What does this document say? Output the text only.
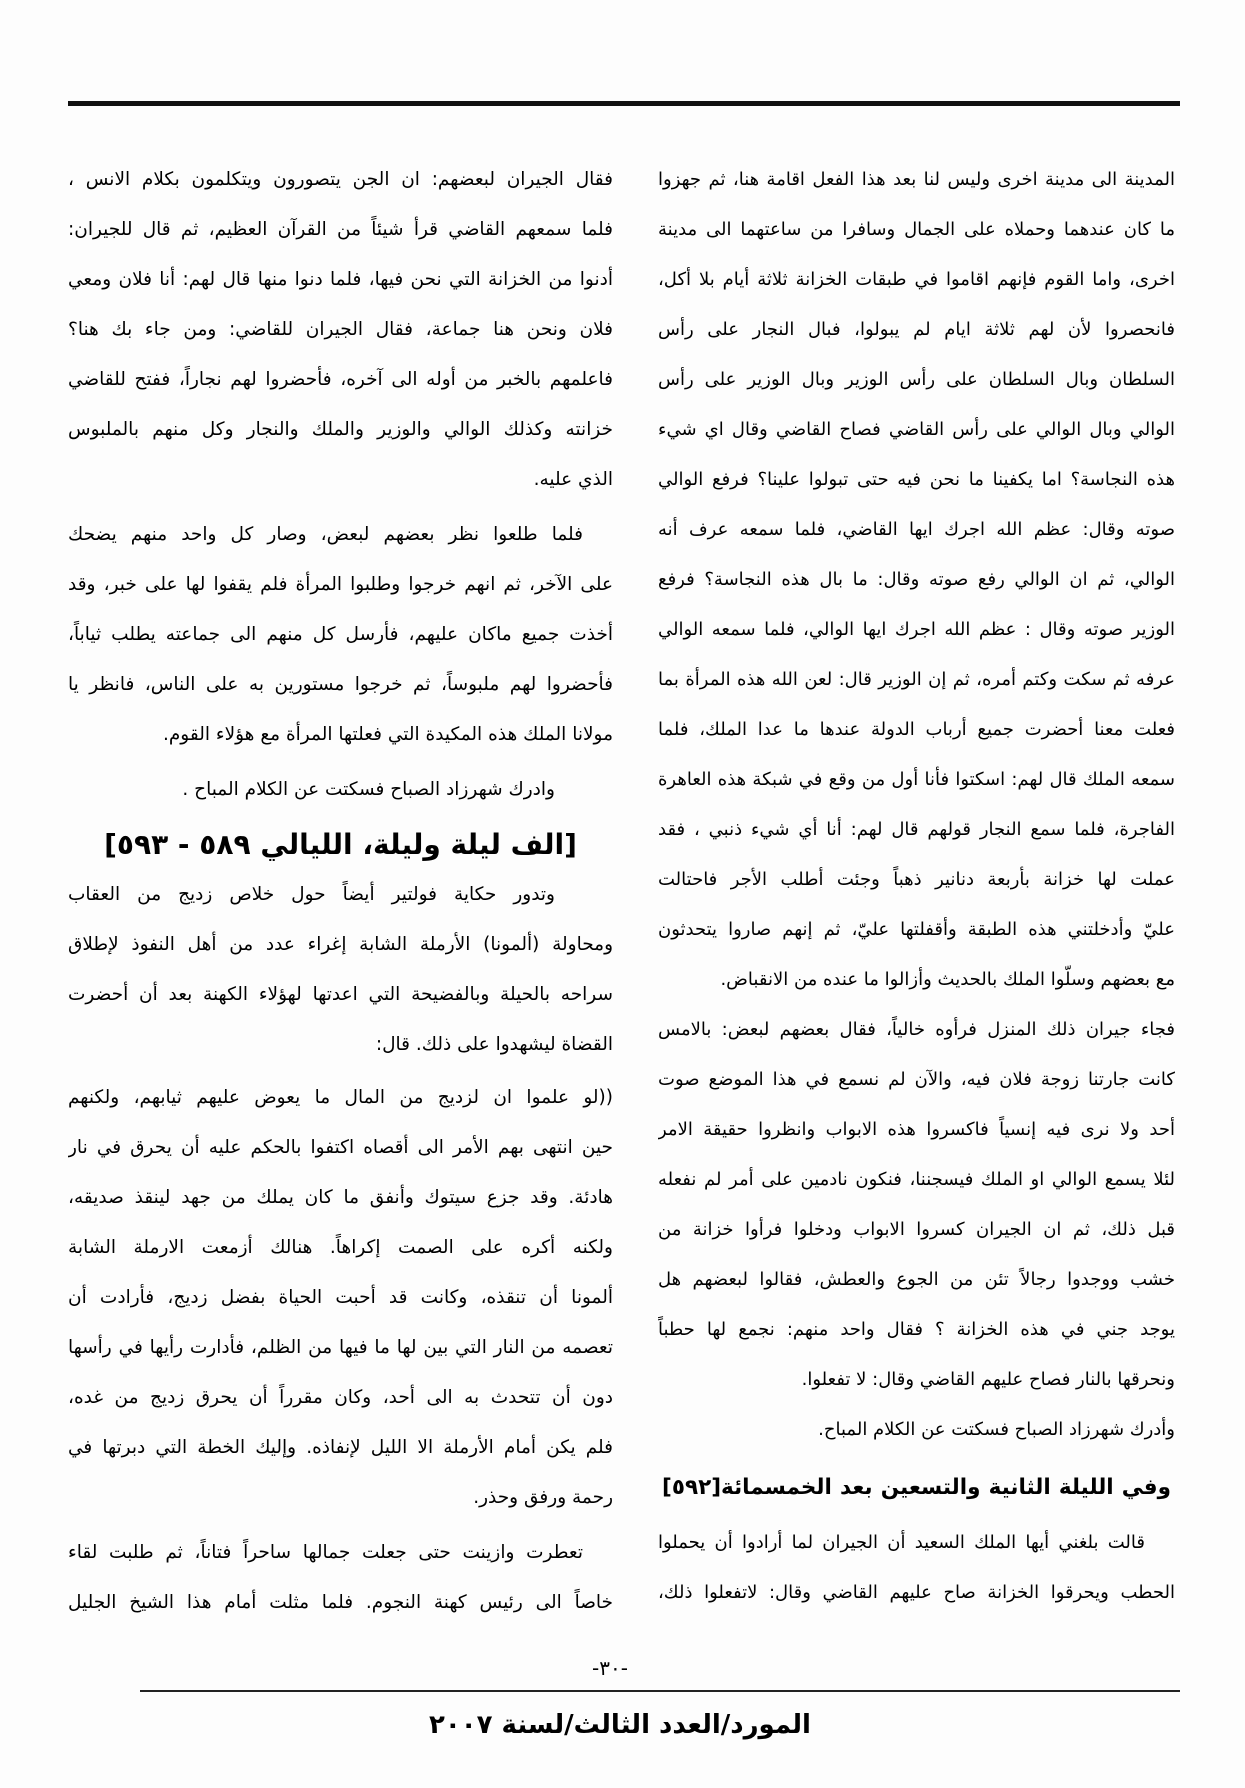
المدينة الى مدينة اخرى وليس لنا بعد هذا الفعل اقامة هنا، ثم جهزوا
ما كان عندهما وحملاه على الجمال وسافرا من ساعتهما الى مدينة
اخرى، واما القوم فإنهم اقاموا في طبقات الخزانة ثلاثة أيام بلا أكل،
فانحصروا لأن لهم ثلاثة ايام لم يبولوا، فبال النجار على رأس
السلطان وبال السلطان على رأس الوزير وبال الوزير على رأس
الوالي وبال الوالي على رأس القاضي فصاح القاضي وقال اي شيء
هذه النجاسة؟ اما يكفينا ما نحن فيه حتى تبولوا علينا؟ فرفع الوالي
صوته وقال: عظم الله اجرك ايها القاضي، فلما سمعه عرف أنه
الوالي، ثم ان الوالي رفع صوته وقال: ما بال هذه النجاسة؟ فرفع
الوزير صوته وقال : عظم الله اجرك ايها الوالي، فلما سمعه الوالي
عرفه ثم سكت وكتم أمره، ثم إن الوزير قال: لعن الله هذه المرأة بما
فعلت معنا أحضرت جميع أرباب الدولة عندها ما عدا الملك، فلما
سمعه الملك قال لهم: اسكتوا فأنا أول من وقع في شبكة هذه العاهرة
الفاجرة، فلما سمع النجار قولهم قال لهم: أنا أي شيء ذنبي ، فقد
عملت لها خزانة بأربعة دنانير ذهباً وجئت أطلب الأجر فاحتالت
عليّ وأدخلتني هذه الطبقة وأقفلتها عليّ، ثم إنهم صاروا يتحدثون
مع بعضهم وسلّوا الملك بالحديث وأزالوا ما عنده من الانقباض.
فجاء جيران ذلك المنزل فرأوه خالياً، فقال بعضهم لبعض: بالامس
كانت جارتنا زوجة فلان فيه، والآن لم نسمع في هذا الموضع صوت
أحد ولا نرى فيه إنسياً فاكسروا هذه الابواب وانظروا حقيقة الامر
لئلا يسمع الوالي او الملك فيسجننا، فنكون نادمين على أمر لم نفعله
قبل ذلك، ثم ان الجيران كسروا الابواب ودخلوا فرأوا خزانة من
خشب ووجدوا رجالاً تئن من الجوع والعطش، فقالوا لبعضهم هل
يوجد جني في هذه الخزانة ؟ فقال واحد منهم: نجمع لها حطباً
ونحرقها بالنار فصاح عليهم القاضي وقال: لا تفعلوا.
وأدرك شهرزاد الصباح فسكتت عن الكلام المباح.
وفي الليلة الثانية والتسعين بعد الخمسمائة[٥٩٢]
قالت بلغني أيها الملك السعيد أن الجيران لما أرادوا أن يحملوا
الحطب ويحرقوا الخزانة صاح عليهم القاضي وقال: لاتفعلوا ذلك،
فقال الجيران لبعضهم: ان الجن يتصورون ويتكلمون بكلام الانس ،
فلما سمعهم القاضي قرأ شيئاً من القرآن العظيم، ثم قال للجيران:
أدنوا من الخزانة التي نحن فيها، فلما دنوا منها قال لهم: أنا فلان ومعي
فلان ونحن هنا جماعة، فقال الجيران للقاضي: ومن جاء بك هنا؟
فاعلمهم بالخبر من أوله الى آخره، فأحضروا لهم نجاراً، ففتح للقاضي
خزانته وكذلك الوالي والوزير والملك والنجار وكل منهم بالملبوس
الذي عليه.
فلما طلعوا نظر بعضهم لبعض، وصار كل واحد منهم يضحك
على الآخر، ثم انهم خرجوا وطلبوا المرأة فلم يقفوا لها على خبر، وقد
أخذت جميع ماكان عليهم، فأرسل كل منهم الى جماعته يطلب ثياباً،
فأحضروا لهم ملبوساً، ثم خرجوا مستورين به على الناس، فانظر يا
مولانا الملك هذه المكيدة التي فعلتها المرأة مع هؤلاء القوم.
وادرك شهرزاد الصباح فسكتت عن الكلام المباح .
[الف ليلة وليلة، الليالي ٥٨٩ - ٥٩٣]
وتدور حكاية فولتير أيضاً حول خلاص زديج من العقاب
ومحاولة (ألمونا) الأرملة الشابة إغراء عدد من أهل النفوذ لإطلاق
سراحه بالحيلة وبالفضيحة التي اعدتها لهؤلاء الكهنة بعد أن أحضرت
القضاة ليشهدوا على ذلك. قال:
((لو علموا ان لزديج من المال ما يعوض عليهم ثيابهم، ولكنهم
حين انتهى بهم الأمر الى أقصاه اكتفوا بالحكم عليه أن يحرق في نار
هادئة. وقد جزع سيتوك وأنفق ما كان يملك من جهد لينقذ صديقه،
ولكنه أكره على الصمت إكراهاً. هنالك أزمعت الارملة الشابة
ألمونا أن تنقذه، وكانت قد أحبت الحياة بفضل زديج، فأرادت أن
تعصمه من النار التي بين لها ما فيها من الظلم، فأدارت رأيها في رأسها
دون أن تتحدث به الى أحد، وكان مقرراً أن يحرق زديج من غده،
فلم يكن أمام الأرملة الا الليل لإنفاذه. وإليك الخطة التي دبرتها في
رحمة ورفق وحذر.
تعطرت وازينت حتى جعلت جمالها ساحراً فتاناً، ثم طلبت لقاء
خاصاً الى رئيس كهنة النجوم. فلما مثلت أمام هذا الشيخ الجليل
-٣٠-
المورد/العدد الثالث/لسنة ٢٠٠٧
